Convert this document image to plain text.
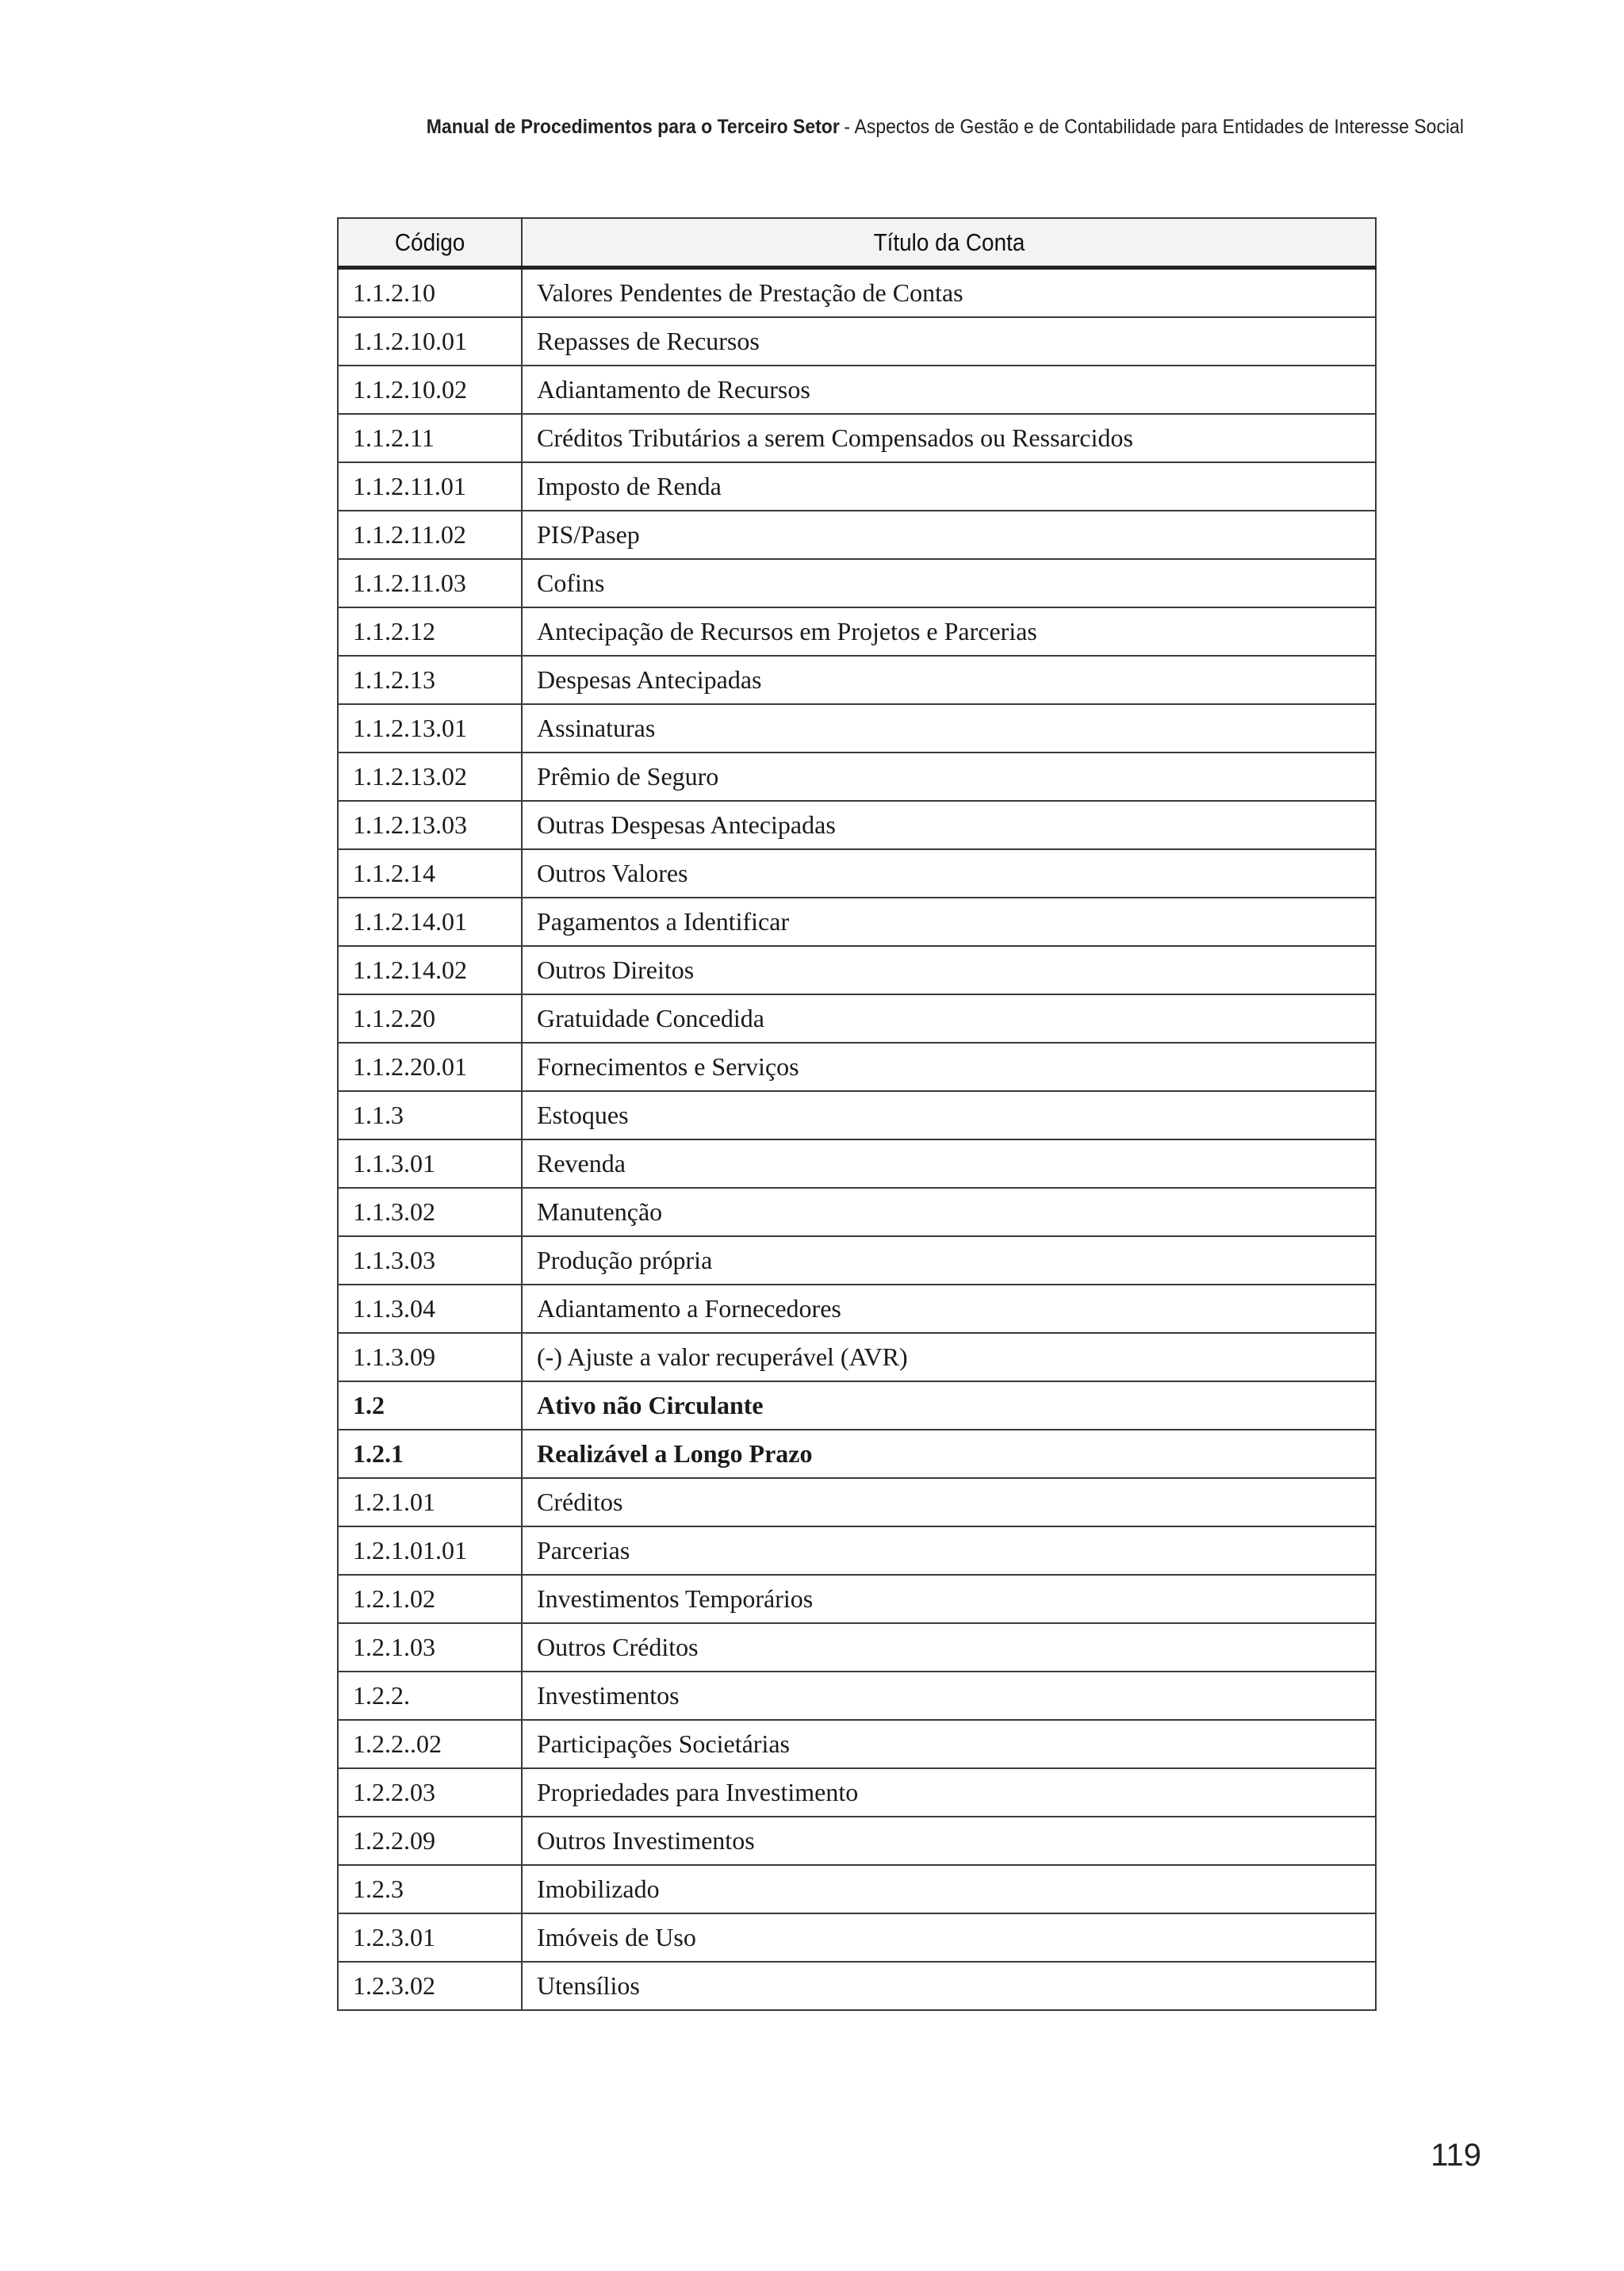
Manual de Procedimentos para o Terceiro Setor - Aspectos de Gestão e de Contabilidade para Entidades de Interesse Social
Código	Título da Conta
1.1.2.10	Valores Pendentes de Prestação de Contas
1.1.2.10.01	Repasses de Recursos
1.1.2.10.02	Adiantamento de Recursos
1.1.2.11	Créditos Tributários a serem Compensados ou Ressarcidos
1.1.2.11.01	Imposto de Renda
1.1.2.11.02	PIS/Pasep
1.1.2.11.03	Cofins
1.1.2.12	Antecipação de Recursos em Projetos e Parcerias
1.1.2.13	Despesas Antecipadas
1.1.2.13.01	Assinaturas
1.1.2.13.02	Prêmio de Seguro
1.1.2.13.03	Outras Despesas Antecipadas
1.1.2.14	Outros Valores
1.1.2.14.01	Pagamentos a Identificar
1.1.2.14.02	Outros Direitos
1.1.2.20	Gratuidade Concedida
1.1.2.20.01	Fornecimentos e Serviços
1.1.3	Estoques
1.1.3.01	Revenda
1.1.3.02	Manutenção
1.1.3.03	Produção própria
1.1.3.04	Adiantamento a Fornecedores
1.1.3.09	(-) Ajuste a valor recuperável (AVR)
1.2	Ativo não Circulante
1.2.1	Realizável a Longo Prazo
1.2.1.01	Créditos
1.2.1.01.01	Parcerias
1.2.1.02	Investimentos Temporários
1.2.1.03	Outros Créditos
1.2.2.	Investimentos
1.2.2..02	Participações Societárias
1.2.2.03	Propriedades para Investimento
1.2.2.09	Outros Investimentos
1.2.3	Imobilizado
1.2.3.01	Imóveis de Uso
1.2.3.02	Utensílios
119
